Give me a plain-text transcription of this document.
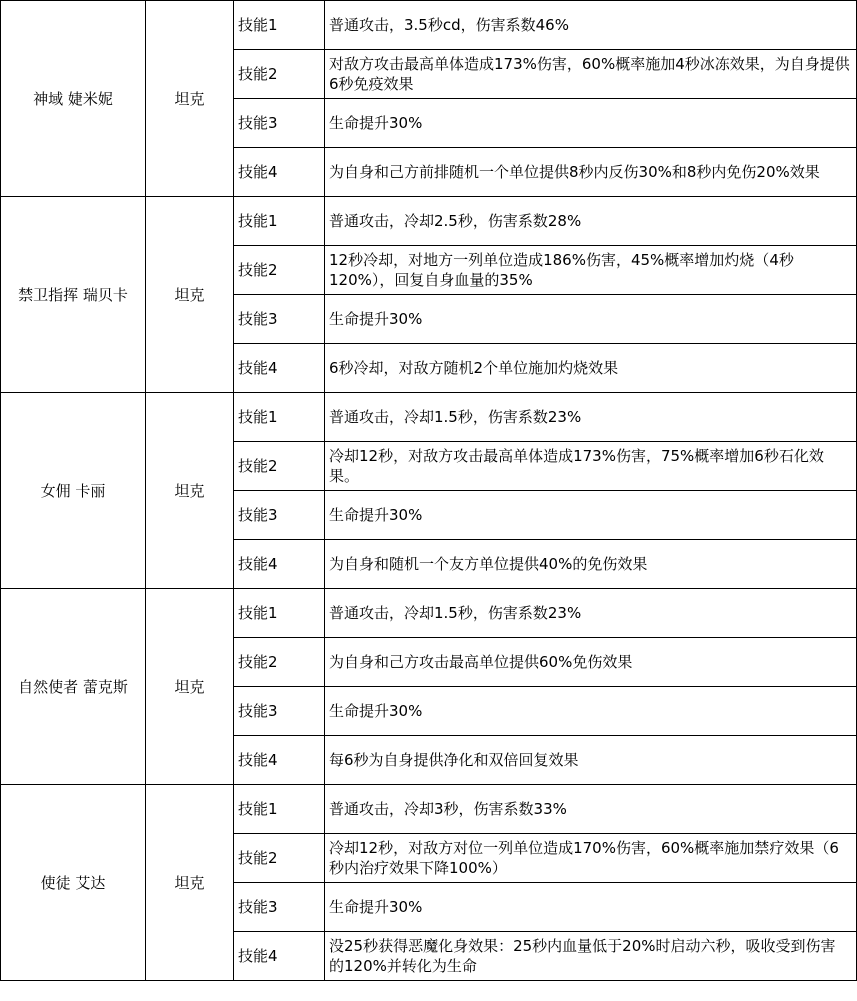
神域 婕米妮	坦克	技能1	普通攻击，3.5秒cd，伤害系数46%
		技能2	对敌方攻击最高单体造成173%伤害，60%概率施加4秒冰冻效果，为自身提供6秒免疫效果
		技能3	生命提升30%
		技能4	为自身和己方前排随机一个单位提供8秒内反伤30%和8秒内免伤20%效果
禁卫指挥 瑞贝卡	坦克	技能1	普通攻击，冷却2.5秒，伤害系数28%
		技能2	12秒冷却，对地方一列单位造成186%伤害，45%概率增加灼烧（4秒120%），回复自身血量的35%
		技能3	生命提升30%
		技能4	6秒冷却，对敌方随机2个单位施加灼烧效果
女佣 卡丽	坦克	技能1	普通攻击，冷却1.5秒，伤害系数23%
		技能2	冷却12秒，对敌方攻击最高单体造成173%伤害，75%概率增加6秒石化效果。
		技能3	生命提升30%
		技能4	为自身和随机一个友方单位提供40%的免伤效果
自然使者 蕾克斯	坦克	技能1	普通攻击，冷却1.5秒，伤害系数23%
		技能2	为自身和己方攻击最高单位提供60%免伤效果
		技能3	生命提升30%
		技能4	每6秒为自身提供净化和双倍回复效果
使徒 艾达	坦克	技能1	普通攻击，冷却3秒，伤害系数33%
		技能2	冷却12秒，对敌方对位一列单位造成170%伤害，60%概率施加禁疗效果（6秒内治疗效果下降100%）
		技能3	生命提升30%
		技能4	没25秒获得恶魔化身效果：25秒内血量低于20%时启动六秒，吸收受到伤害的120%并转化为生命
